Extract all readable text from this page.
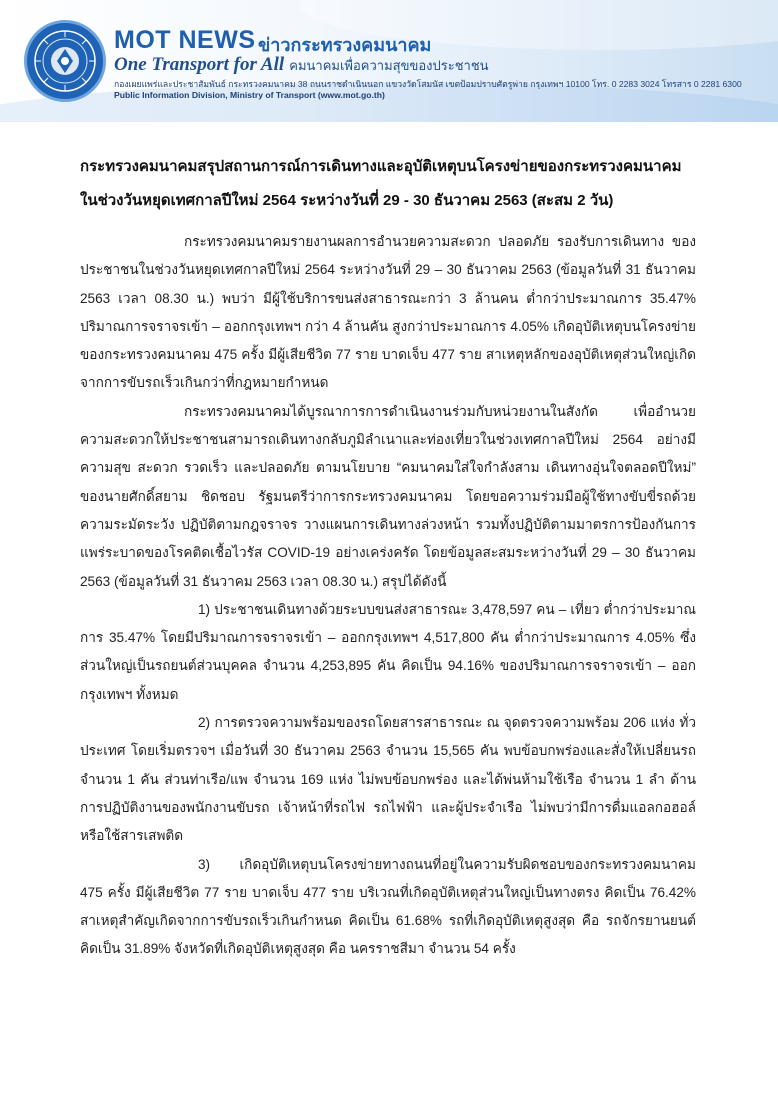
MOT NEWS ข่าวกระทรวงคมนาคม
One Transport for All คมนาคมเพื่อความสุขของประชาชน
กองเผยแพร่และประชาสัมพันธ์ กระทรวงคมนาคม 38 ถนนราชดำเนินนอก แขวงวัดโสมนัส เขตป้อมปราบศัตรูพ่าย กรุงเทพฯ 10100 โทร. 0 2283 3024 โทรสาร 0 2281 6300
Public Information Division, Ministry of Transport (www.mot.go.th)
กระทรวงคมนาคมสรุปสถานการณ์การเดินทางและอุบัติเหตุบนโครงข่ายของกระทรวงคมนาคม
ในช่วงวันหยุดเทศกาลปีใหม่ 2564 ระหว่างวันที่ 29 - 30 ธันวาคม 2563 (สะสม 2 วัน)

กระทรวงคมนาคมรายงานผลการอำนวยความสะดวก ปลอดภัย รองรับการเดินทาง ของประชาชนในช่วงวันหยุดเทศกาลปีใหม่ 2564 ระหว่างวันที่ 29 – 30 ธันวาคม 2563 (ข้อมูลวันที่ 31 ธันวาคม 2563 เวลา 08.30 น.) พบว่า มีผู้ใช้บริการขนส่งสาธารณะกว่า 3 ล้านคน ต่ำกว่าประมาณการ 35.47% ปริมาณการจราจรเข้า – ออกกรุงเทพฯ กว่า 4 ล้านคัน สูงกว่าประมาณการ 4.05% เกิดอุบัติเหตุบนโครงข่ายของกระทรวงคมนาคม 475 ครั้ง มีผู้เสียชีวิต 77 ราย บาดเจ็บ 477 ราย สาเหตุหลักของอุบัติเหตุส่วนใหญ่เกิดจากการขับรถเร็วเกินกว่าที่กฎหมายกำหนด

กระทรวงคมนาคมได้บูรณาการการดำเนินงานร่วมกับหน่วยงานในสังกัด เพื่ออำนวยความสะดวกให้ประชาชนสามารถเดินทางกลับภูมิลำเนาและท่องเที่ยวในช่วงเทศกาลปีใหม่ 2564 อย่างมีความสุข สะดวก รวดเร็ว และปลอดภัย ตามนโยบาย “คมนาคมใส่ใจกำลังสาม เดินทางอุ่นใจตลอดปีใหม่” ของนายศักดิ์สยาม ชิดชอบ รัฐมนตรีว่าการกระทรวงคมนาคม โดยขอความร่วมมือผู้ใช้ทางขับขี่รถด้วยความระมัดระวัง ปฏิบัติตามกฎจราจร วางแผนการเดินทางล่วงหน้า รวมทั้งปฏิบัติตามมาตรการป้องกันการแพร่ระบาดของโรคติดเชื้อไวรัส COVID-19 อย่างเคร่งครัด โดยข้อมูลสะสมระหว่างวันที่ 29 – 30 ธันวาคม 2563 (ข้อมูลวันที่ 31 ธันวาคม 2563 เวลา 08.30 น.) สรุปได้ดังนี้

1) ประชาชนเดินทางด้วยระบบขนส่งสาธารณะ 3,478,597 คน – เที่ยว ต่ำกว่าประมาณการ 35.47% โดยมีปริมาณการจราจรเข้า – ออกกรุงเทพฯ 4,517,800 คัน ต่ำกว่าประมาณการ 4.05% ซึ่งส่วนใหญ่เป็นรถยนต์ส่วนบุคคล จำนวน 4,253,895 คัน คิดเป็น 94.16% ของปริมาณการจราจรเข้า – ออกกรุงเทพฯ ทั้งหมด

2) การตรวจความพร้อมของรถโดยสารสาธารณะ ณ จุดตรวจความพร้อม 206 แห่ง ทั่วประเทศ โดยเริ่มตรวจฯ เมื่อวันที่ 30 ธันวาคม 2563 จำนวน 15,565 คัน พบข้อบกพร่องและสั่งให้เปลี่ยนรถ จำนวน 1 คัน ส่วนท่าเรือ/แพ จำนวน 169 แห่ง ไม่พบข้อบกพร่อง และได้พ่นห้ามใช้เรือ จำนวน 1 ลำ ด้านการปฏิบัติงานของพนักงานขับรถ เจ้าหน้าที่รถไฟ รถไฟฟ้า และผู้ประจำเรือ ไม่พบว่ามีการดื่มแอลกอฮอล์ หรือใช้สารเสพติด

3) เกิดอุบัติเหตุบนโครงข่ายทางถนนที่อยู่ในความรับผิดชอบของกระทรวงคมนาคม 475 ครั้ง มีผู้เสียชีวิต 77 ราย บาดเจ็บ 477 ราย บริเวณที่เกิดอุบัติเหตุส่วนใหญ่เป็นทางตรง คิดเป็น 76.42% สาเหตุสำคัญเกิดจากการขับรถเร็วเกินกำหนด คิดเป็น 61.68% รถที่เกิดอุบัติเหตุสูงสุด คือ รถจักรยานยนต์ คิดเป็น 31.89% จังหวัดที่เกิดอุบัติเหตุสูงสุด คือ นครราชสีมา จำนวน 54 ครั้ง
